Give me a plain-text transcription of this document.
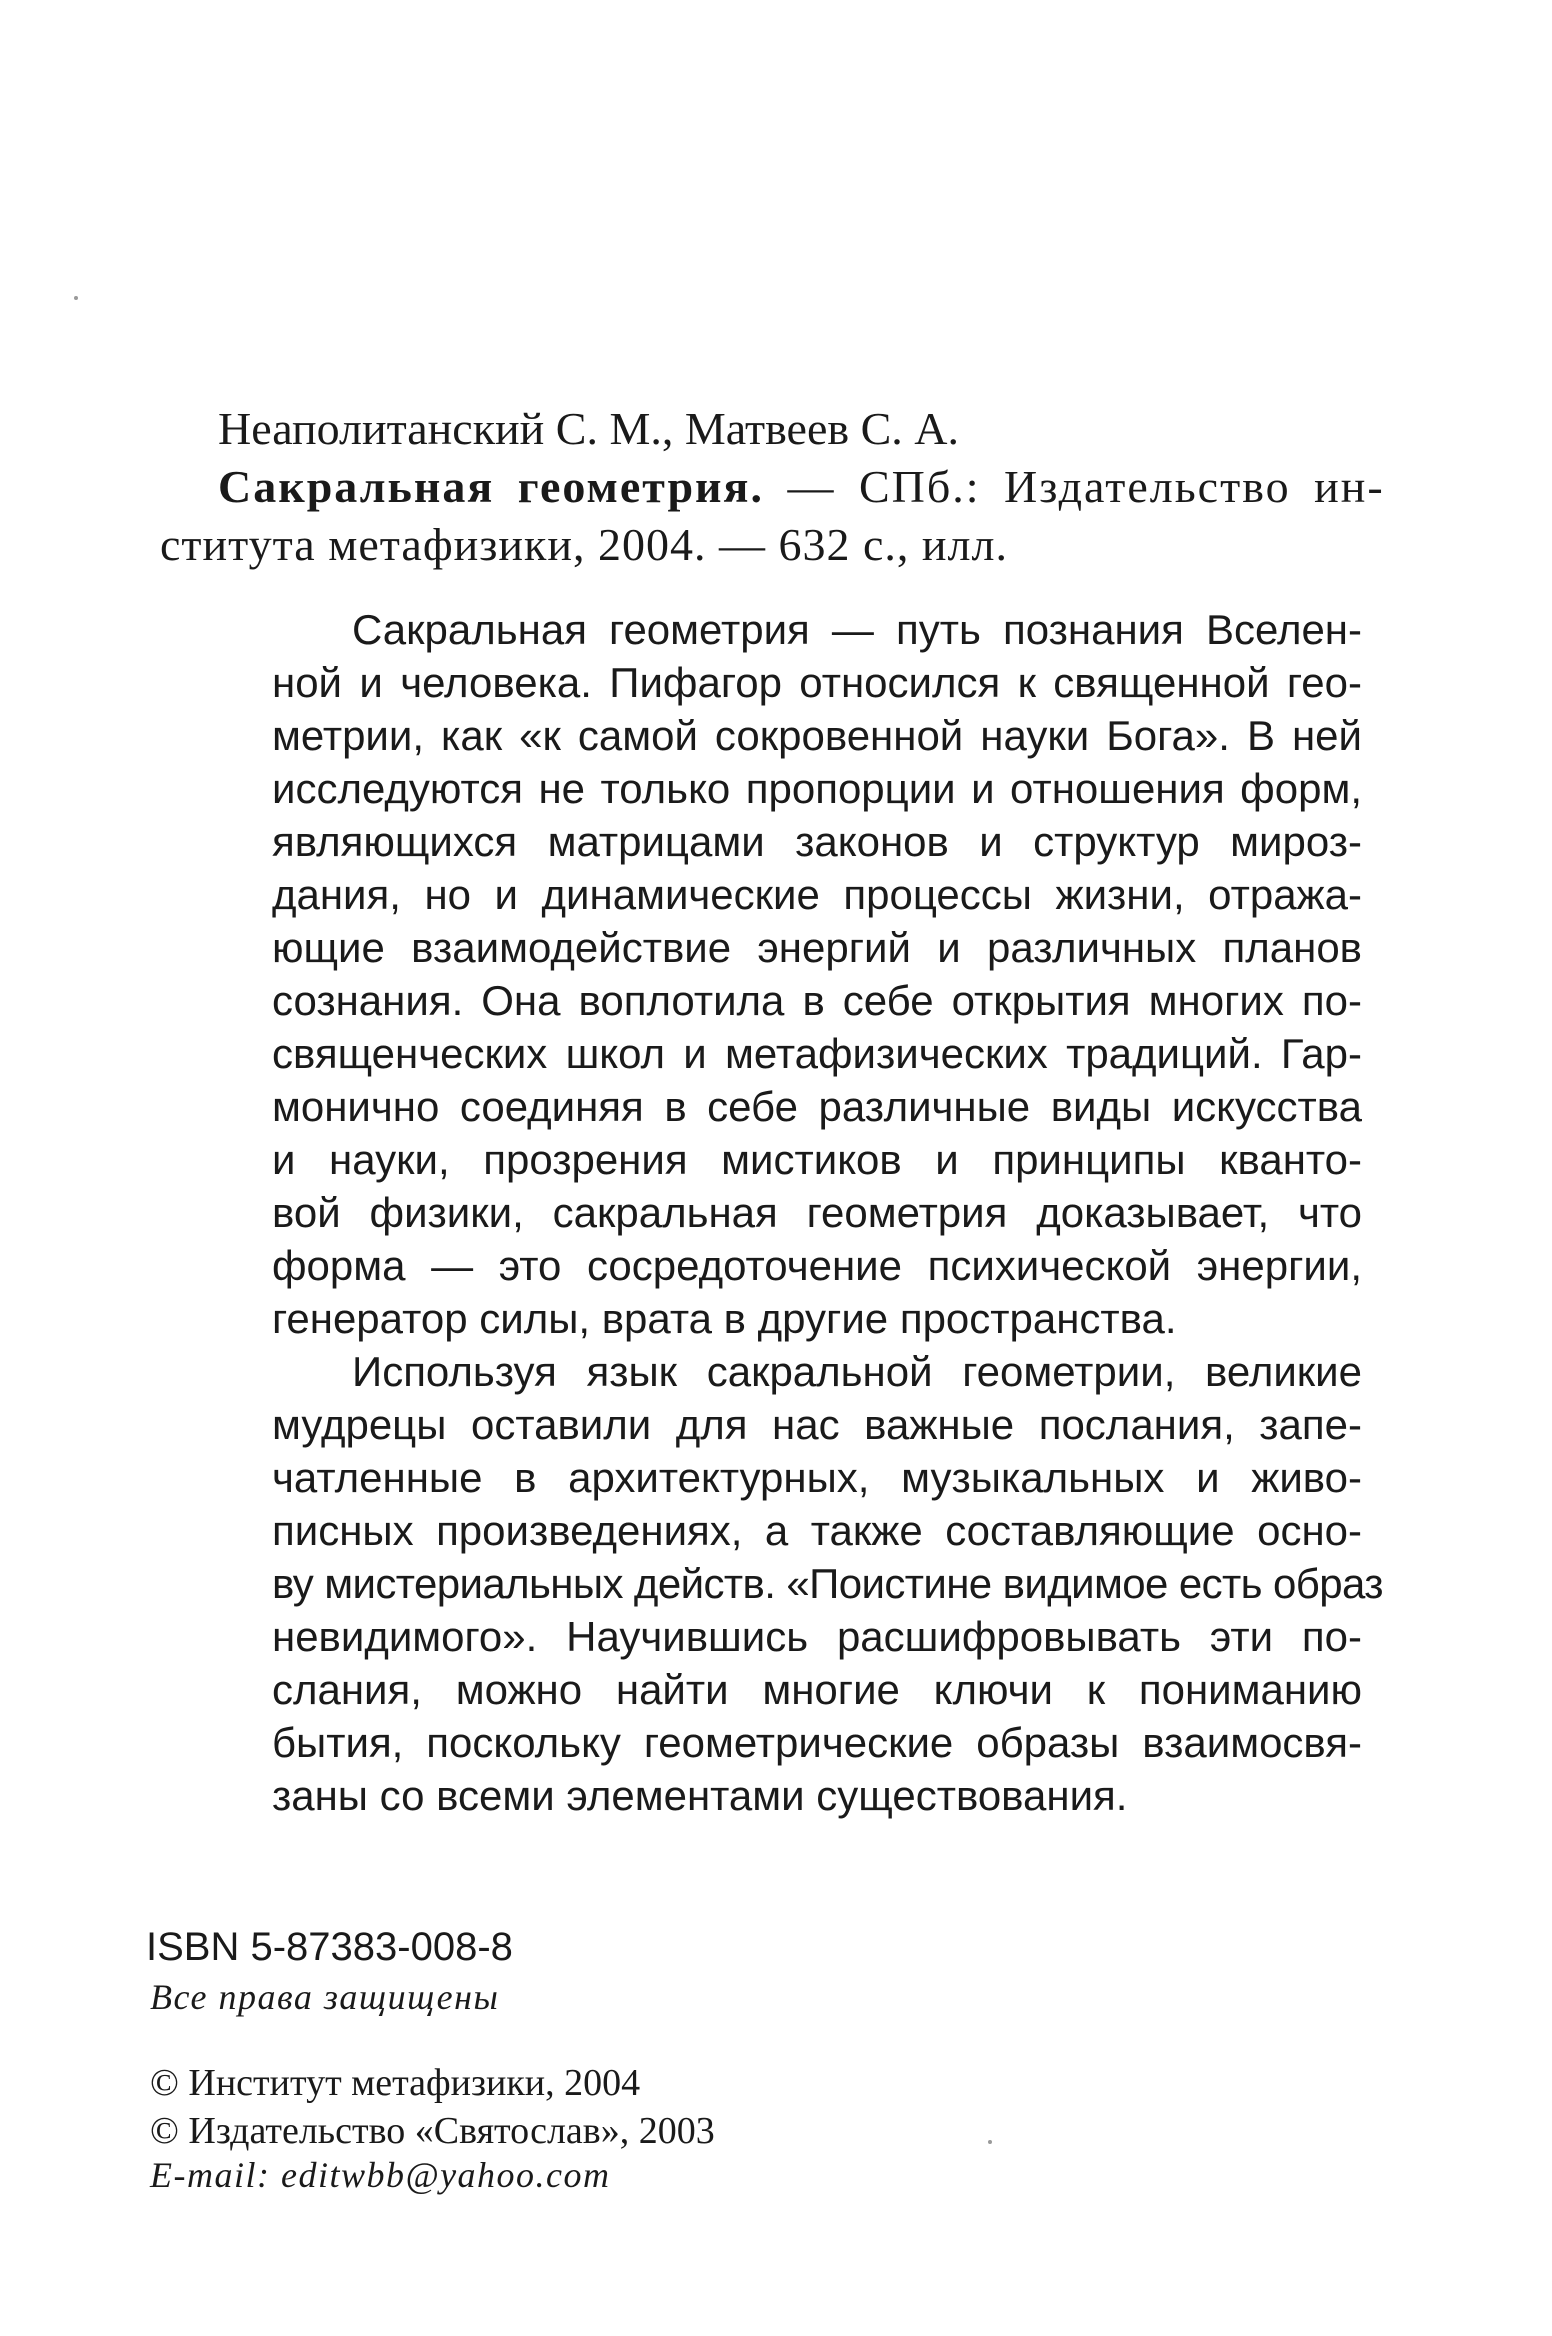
Неаполитанский С. М., Матвеев С. А.
Сакральная геометрия. — СПб.: Издательство ин-
ститута метафизики, 2004. — 632 с., илл.
Сакральная геометрия — путь познания Вселен-
ной и человека. Пифагор относился к священной гео-
метрии, как «к самой сокровенной науки Бога». В ней
исследуются не только пропорции и отношения форм,
являющихся матрицами законов и структур мироз-
дания, но и динамические процессы жизни, отража-
ющие взаимодействие энергий и различных планов
сознания. Она воплотила в себе открытия многих по-
священческих школ и метафизических традиций. Гар-
монично соединяя в себе различные виды искусства
и науки, прозрения мистиков и принципы кванто-
вой физики, сакральная геометрия доказывает, что
форма — это сосредоточение психической энергии,
генератор силы, врата в другие пространства.
Используя язык сакральной геометрии, великие
мудрецы оставили для нас важные послания, запе-
чатленные в архитектурных, музыкальных и живо-
писных произведениях, а также составляющие осно-
ву мистериальных действ. «Поистине видимое есть образ
невидимого». Научившись расшифровывать эти по-
слания, можно найти многие ключи к пониманию
бытия, поскольку геометрические образы взаимосвя-
заны со всеми элементами существования.
ISBN 5-87383-008-8
Все права защищены
© Институт метафизики, 2004
© Издательство «Святослав», 2003
E-mail: editwbb@yahoo.com
